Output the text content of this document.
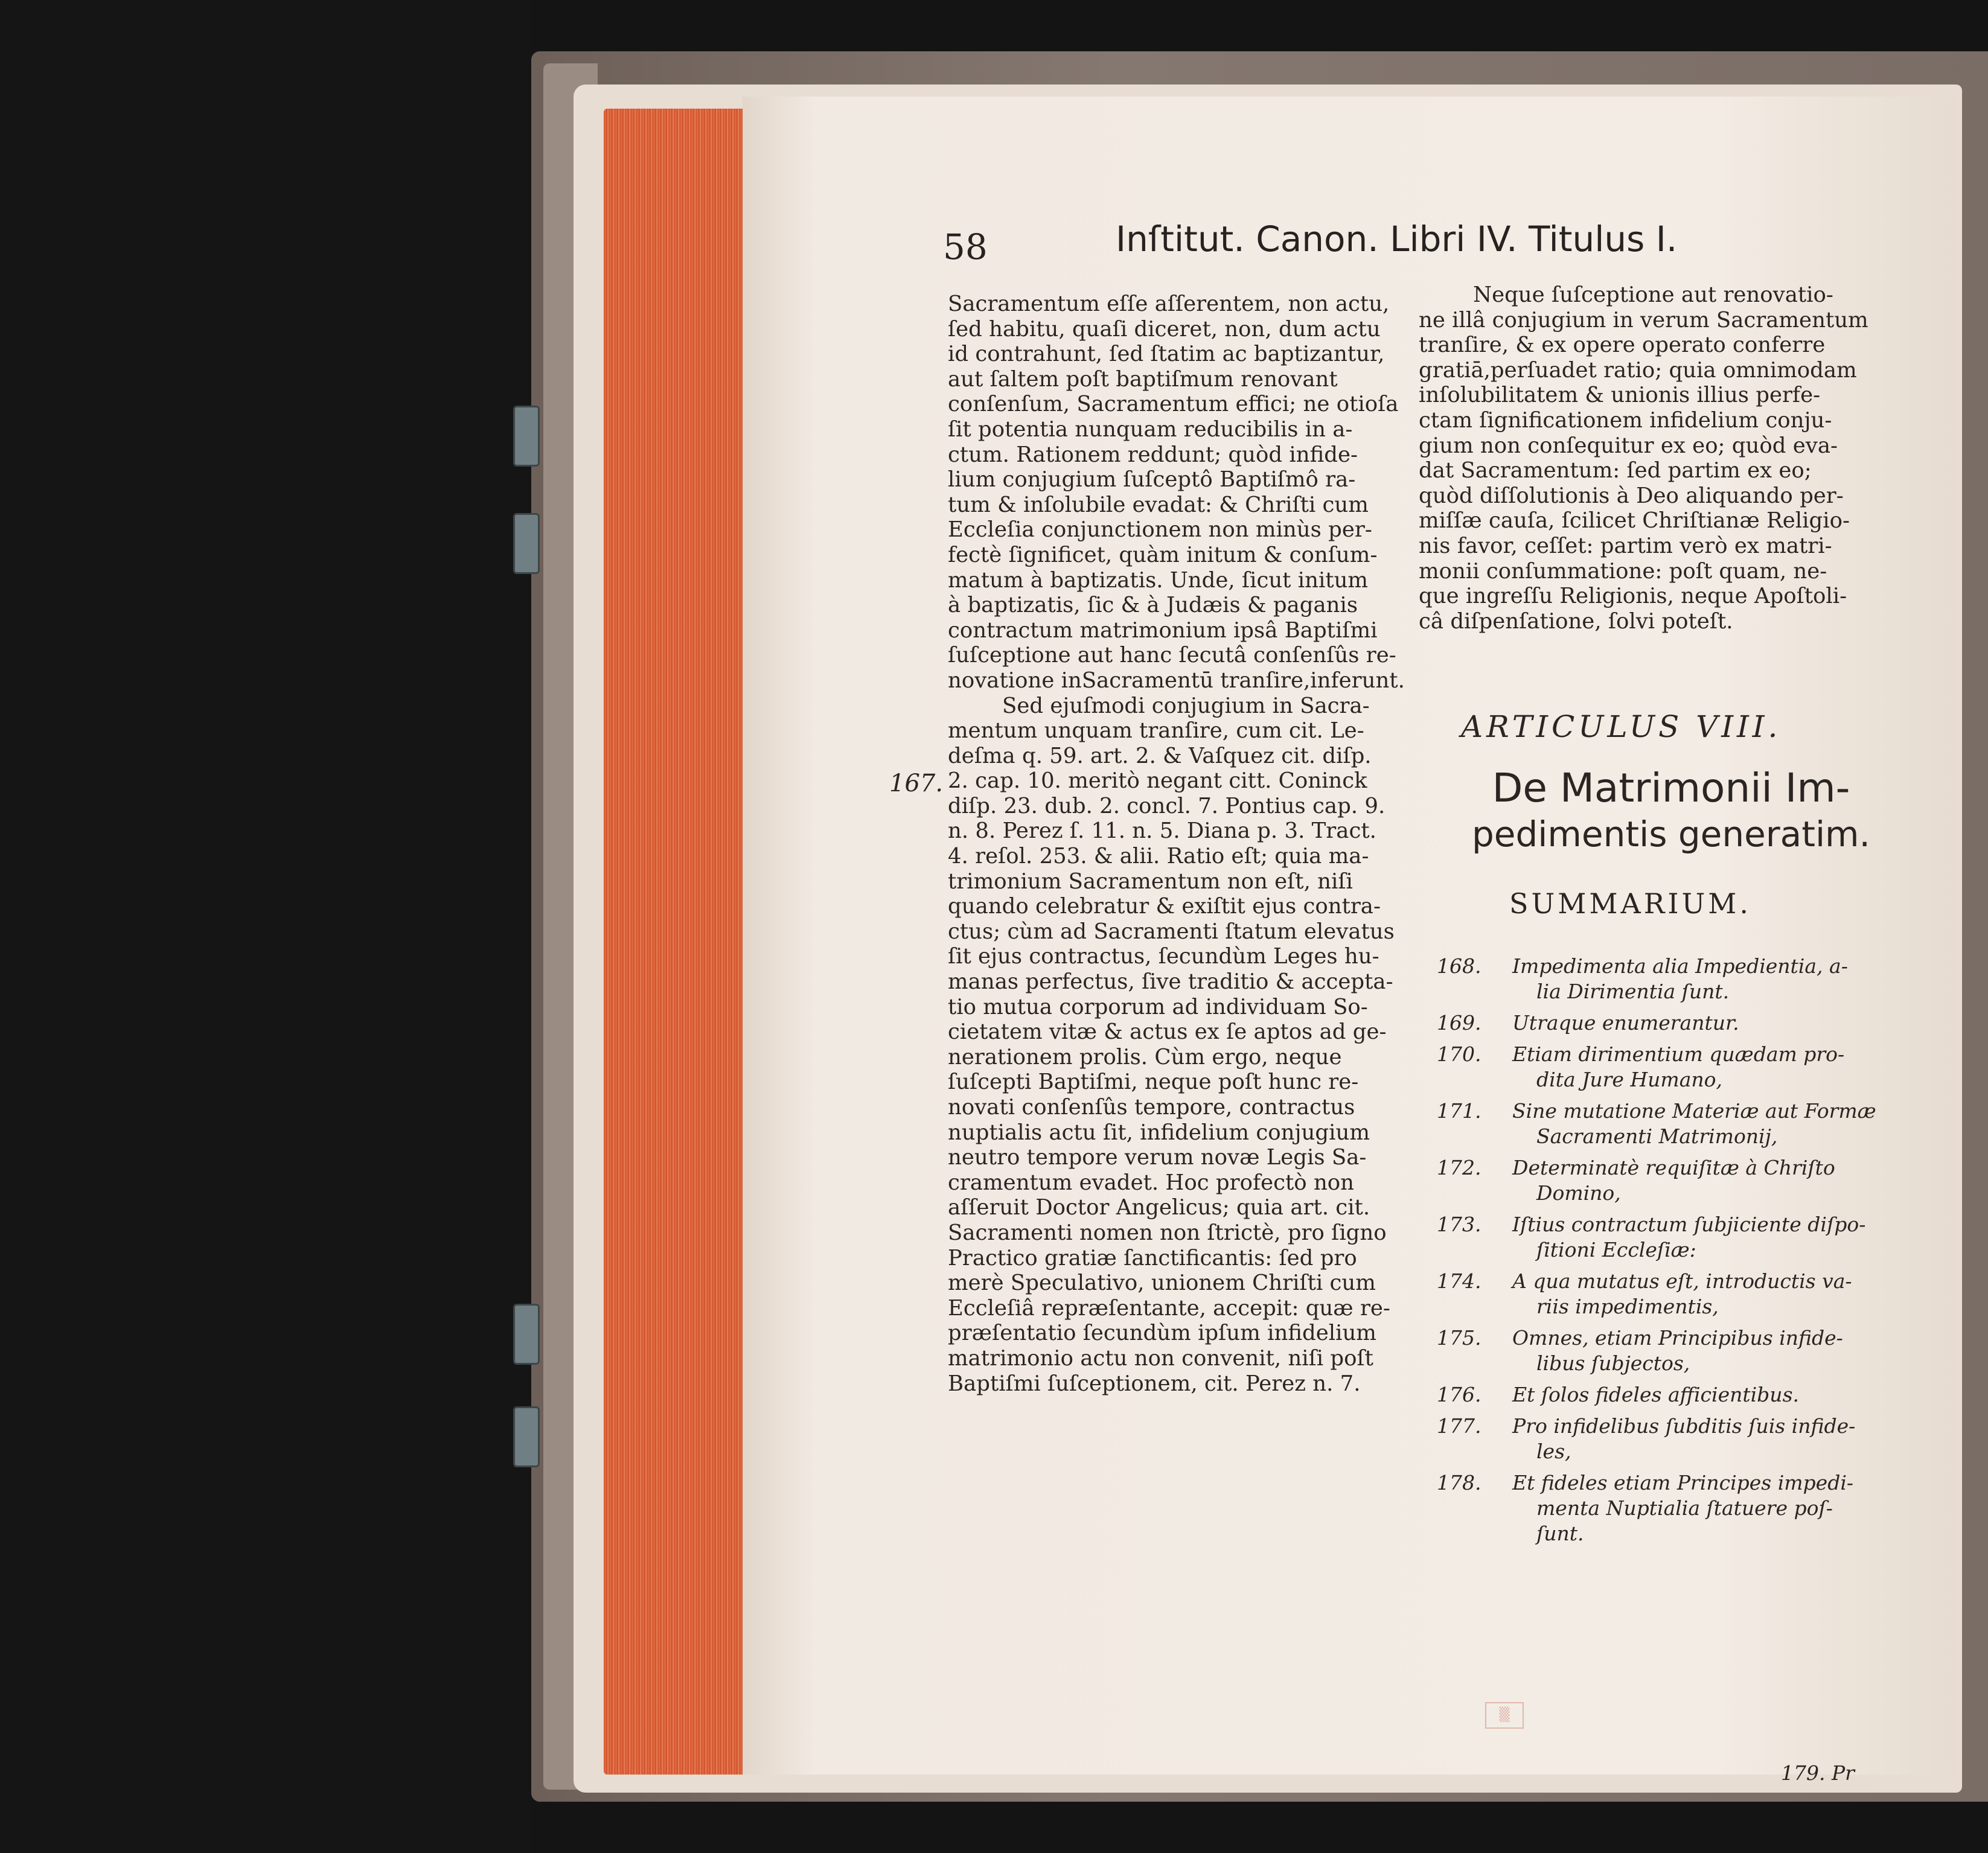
▒
58	Inſtitut. Canon. Libri IV. Titulus I.
Sacramentum eſſe aſſerentem, non actu,
ſed habitu, quaſi diceret, non, dum actu
id contrahunt, ſed ſtatim ac baptizantur,
aut ſaltem poſt baptiſmum renovant
conſenſum, Sacramentum effici; ne otioſa
ſit potentia nunquam reducibilis in a-
ctum. Rationem reddunt; quòd infide-
lium conjugium ſuſceptô Baptiſmô ra-
tum & inſolubile evadat: & Chriſti cum
Eccleſia conjunctionem non minùs per-
fectè ſignificet, quàm initum & conſum-
matum à baptizatis. Unde, ſicut initum
à baptizatis, ſic & à Judæis & paganis
contractum matrimonium ipsâ Baptiſmi
ſuſceptione aut hanc ſecutâ conſenſûs re-
novatione inSacramentū tranſire,inferunt.
Sed ejuſmodi conjugium in Sacra-
mentum unquam tranſire, cum cit. Le-
deſma q. 59. art. 2. & Vaſquez cit. diſp.
2. cap. 10. meritò negant citt. Coninck
diſp. 23. dub. 2. concl. 7. Pontius cap. 9.
n. 8. Perez ſ. 11. n. 5. Diana p. 3. Tract.
4. reſol. 253. & alii. Ratio eſt; quia ma-
trimonium Sacramentum non eſt, niſi
quando celebratur & exiſtit ejus contra-
ctus; cùm ad Sacramenti ſtatum elevatus
ſit ejus contractus, ſecundùm Leges hu-
manas perfectus, ſive traditio & accepta-
tio mutua corporum ad individuam So-
cietatem vitæ & actus ex ſe aptos ad ge-
nerationem prolis. Cùm ergo, neque
ſuſcepti Baptiſmi, neque poſt hunc re-
novati conſenſûs tempore, contractus
nuptialis actu ſit, infidelium conjugium
neutro tempore verum novæ Legis Sa-
cramentum evadet. Hoc profectò non
aſſeruit Doctor Angelicus; quia art. cit.
Sacramenti nomen non ſtrictè, pro ſigno
Practico gratiæ ſanctificantis: ſed pro
merè Speculativo, unionem Chriſti cum
Eccleſiâ repræſentante, accepit: quæ re-
præſentatio ſecundùm ipſum infidelium
matrimonio actu non convenit, niſi poſt
Baptiſmi ſuſceptionem, cit. Perez n. 7.
167.
Neque ſuſceptione aut renovatio-
ne illâ conjugium in verum Sacramentum
tranſire, & ex opere operato conferre
gratiā,perſuadet ratio; quia omnimodam
inſolubilitatem & unionis illius perfe-
ctam ſignificationem infidelium conju-
gium non conſequitur ex eo; quòd eva-
dat Sacramentum: ſed partim ex eo;
quòd diſſolutionis à Deo aliquando per-
miſſæ cauſa, ſcilicet Chriſtianæ Religio-
nis favor, ceſſet: partim verò ex matri-
monii conſummatione: poſt quam, ne-
que ingreſſu Religionis, neque Apoſtoli-
câ diſpenſatione, ſolvi poteſt.
ARTICULUS VIII.
De Matrimonii Im-
pedimentis generatim.
SUMMARIUM.
168.	Impedimenta alia Impedientia, a-
lia Dirimentia ſunt.
169.	Utraque enumerantur.
170.	Etiam dirimentium quædam pro-
dita Jure Humano,
171.	Sine mutatione Materiæ aut Formæ
Sacramenti Matrimonij,
172.	Determinatè requiſitæ à Chriſto
Domino,
173.	Iſtius contractum ſubjiciente diſpo-
ſitioni Eccleſiæ:
174.	A qua mutatus eſt, introductis va-
riis impedimentis,
175.	Omnes, etiam Principibus infide-
libus ſubjectos,
176.	Et ſolos fideles afficientibus.
177.	Pro infidelibus ſubditis ſuis infide-
les,
178.	Et fideles etiam Principes impedi-
menta Nuptialia ſtatuere poſ-
ſunt.
179. Pr
